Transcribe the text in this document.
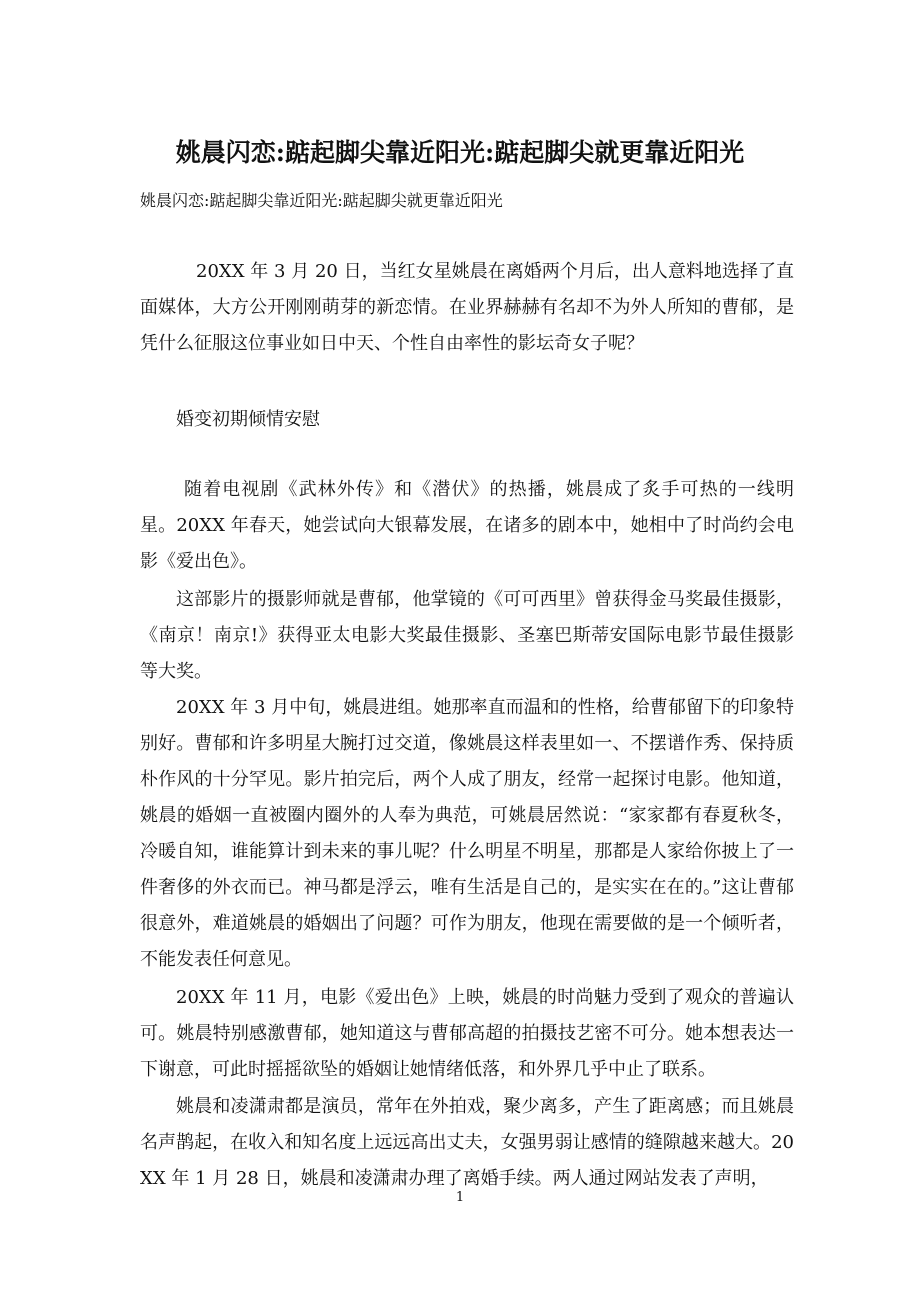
姚晨闪恋:踮起脚尖靠近阳光:踮起脚尖就更靠近阳光
姚晨闪恋:踮起脚尖靠近阳光:踮起脚尖就更靠近阳光

20XX 年 3 月 20 日，当红女星姚晨在离婚两个月后，出人意料地选择了直面媒体，大方公开刚刚萌芽的新恋情。在业界赫赫有名却不为外人所知的曹郁，是凭什么征服这位事业如日中天、个性自由率性的影坛奇女子呢？

婚变初期倾情安慰

随着电视剧《武林外传》和《潜伏》的热播，姚晨成了炙手可热的一线明星。20XX 年春天，她尝试向大银幕发展，在诸多的剧本中，她相中了时尚约会电影《爱出色》。

这部影片的摄影师就是曹郁，他掌镜的《可可西里》曾获得金马奖最佳摄影，《南京！南京!》获得亚太电影大奖最佳摄影、圣塞巴斯蒂安国际电影节最佳摄影等大奖。

20XX 年 3 月中旬，姚晨进组。她那率直而温和的性格，给曹郁留下的印象特别好。曹郁和许多明星大腕打过交道，像姚晨这样表里如一、不摆谱作秀、保持质朴作风的十分罕见。影片拍完后，两个人成了朋友，经常一起探讨电影。他知道，姚晨的婚姻一直被圈内圈外的人奉为典范，可姚晨居然说：“家家都有春夏秋冬，冷暖自知，谁能算计到未来的事儿呢？什么明星不明星，那都是人家给你披上了一件奢侈的外衣而已。神马都是浮云，唯有生活是自己的，是实实在在的。”这让曹郁很意外，难道姚晨的婚姻出了问题？可作为朋友，他现在需要做的是一个倾听者，不能发表任何意见。

20XX 年 11 月，电影《爱出色》上映，姚晨的时尚魅力受到了观众的普遍认可。姚晨特别感激曹郁，她知道这与曹郁高超的拍摄技艺密不可分。她本想表达一下谢意，可此时摇摇欲坠的婚姻让她情绪低落，和外界几乎中止了联系。

姚晨和凌潇肃都是演员，常年在外拍戏，聚少离多，产生了距离感；而且姚晨名声鹊起，在收入和知名度上远远高出丈夫，女强男弱让感情的缝隙越来越大。20XX 年 1 月 28 日，姚晨和凌潇肃办理了离婚手续。两人通过网站发表了声明，

1
